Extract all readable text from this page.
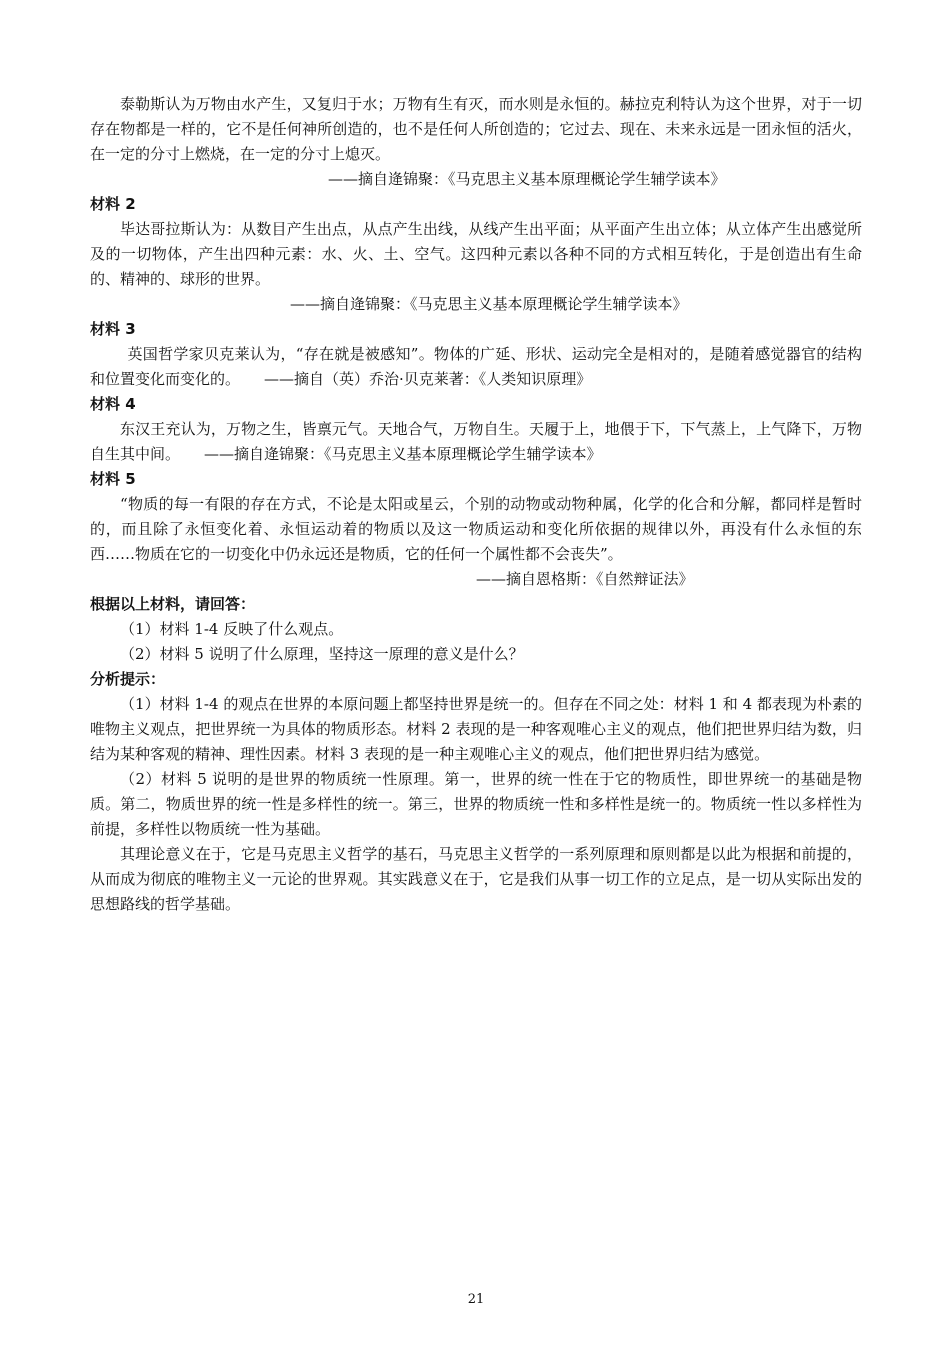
泰勒斯认为万物由水产生，又复归于水；万物有生有灭，而水则是永恒的。赫拉克利特认为这个世界，对于一切存在物都是一样的，它不是任何神所创造的，也不是任何人所创造的；它过去、现在、未来永远是一团永恒的活火，在一定的分寸上燃烧，在一定的分寸上熄灭。

——摘自逄锦聚：《马克思主义基本原理概论学生辅学读本》
材料 2

毕达哥拉斯认为：从数目产生出点，从点产生出线，从线产生出平面；从平面产生出立体；从立体产生出感觉所及的一切物体，产生出四种元素：水、火、土、空气。这四种元素以各种不同的方式相互转化，于是创造出有生命的、精神的、球形的世界。

——摘自逄锦聚：《马克思主义基本原理概论学生辅学读本》
材料 3

英国哲学家贝克莱认为，“存在就是被感知”。物体的广延、形状、运动完全是相对的，是随着感觉器官的结构和位置变化而变化的。 ——摘自（英）乔治·贝克莱著：《人类知识原理》

材料 4

东汉王充认为，万物之生，皆禀元气。天地合气，万物自生。天履于上，地偎于下，下气蒸上，上气降下，万物自生其中间。 ——摘自逄锦聚：《马克思主义基本原理概论学生辅学读本》

材料 5

“物质的每一有限的存在方式，不论是太阳或星云，个别的动物或动物种属，化学的化合和分解，都同样是暂时的，而且除了永恒变化着、永恒运动着的物质以及这一物质运动和变化所依据的规律以外，再没有什么永恒的东西……物质在它的一切变化中仍永远还是物质，它的任何一个属性都不会丧失”。

——摘自恩格斯：《自然辩证法》
根据以上材料，请回答：

（1）材料 1-4 反映了什么观点。

（2）材料 5 说明了什么原理，坚持这一原理的意义是什么？

分析提示：

（1）材料 1-4 的观点在世界的本原问题上都坚持世界是统一的。但存在不同之处：材料 1 和 4 都表现为朴素的唯物主义观点，把世界统一为具体的物质形态。材料 2 表现的是一种客观唯心主义的观点，他们把世界归结为数，归结为某种客观的精神、理性因素。材料 3 表现的是一种主观唯心主义的观点，他们把世界归结为感觉。

（2）材料 5 说明的是世界的物质统一性原理。第一，世界的统一性在于它的物质性，即世界统一的基础是物质。第二，物质世界的统一性是多样性的统一。第三，世界的物质统一性和多样性是统一的。物质统一性以多样性为前提，多样性以物质统一性为基础。

其理论意义在于，它是马克思主义哲学的基石，马克思主义哲学的一系列原理和原则都是以此为根据和前提的，从而成为彻底的唯物主义一元论的世界观。其实践意义在于，它是我们从事一切工作的立足点，是一切从实际出发的思想路线的哲学基础。

21
